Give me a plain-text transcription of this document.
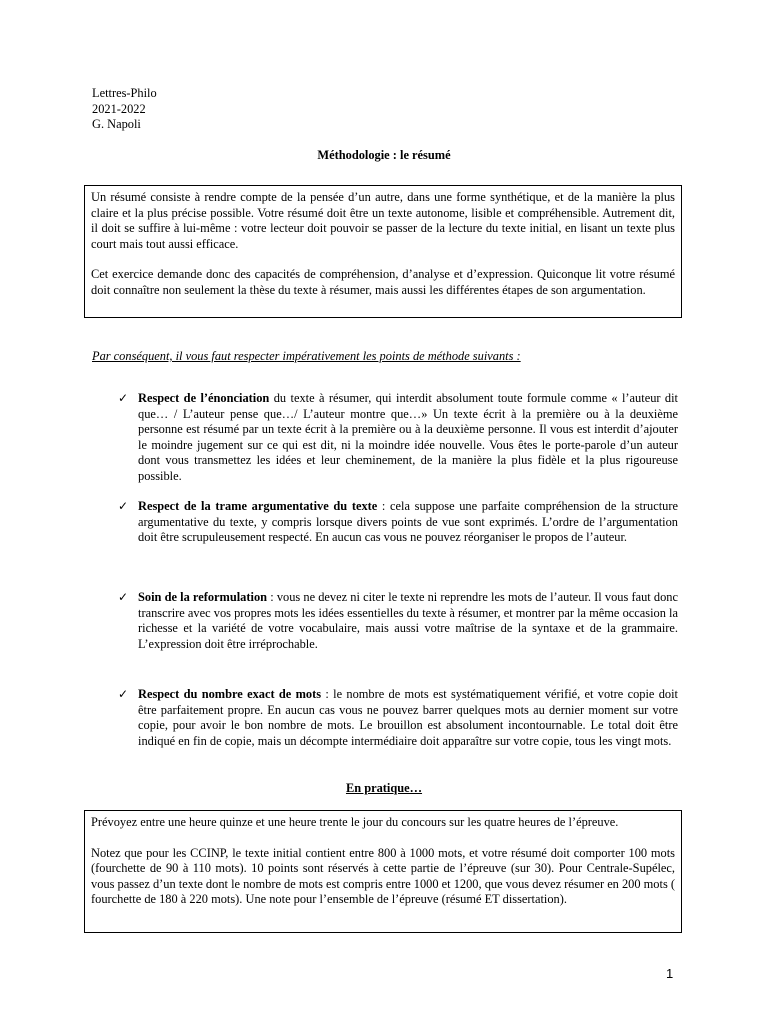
Lettres-Philo
2021-2022
G. Napoli
Méthodologie : le résumé

Un résumé consiste à rendre compte de la pensée d’un autre, dans une forme synthétique, et de la manière la plus claire et la plus précise possible. Votre résumé doit être un texte autonome, lisible et compréhensible. Autrement dit, il doit se suffire à lui-même : votre lecteur doit pouvoir se passer de la lecture du texte initial, en lisant un texte plus court mais tout aussi efficace.

Cet exercice demande donc des capacités de compréhension, d’analyse et d’expression. Quiconque lit votre résumé doit connaître non seulement la thèse du texte à résumer, mais aussi les différentes étapes de son argumentation.

Par conséquent, il vous faut respecter impérativement les points de méthode suivants :
✓ Respect de l’énonciation du texte à résumer, qui interdit absolument toute formule comme « l’auteur dit que… / L’auteur pense que…/ L’auteur montre que…» Un texte écrit à la première ou à la deuxième personne est résumé par un texte écrit à la première ou à la deuxième personne. Il vous est interdit d’ajouter le moindre jugement sur ce qui est dit, ni la moindre idée nouvelle. Vous êtes le porte-parole d’un auteur dont vous transmettez les idées et leur cheminement, de la manière la plus fidèle et la plus rigoureuse possible.
✓ Respect de la trame argumentative du texte : cela suppose une parfaite compréhension de la structure argumentative du texte, y compris lorsque divers points de vue sont exprimés. L’ordre de l’argumentation doit être scrupuleusement respecté. En aucun cas vous ne pouvez réorganiser le propos de l’auteur.
✓ Soin de la reformulation : vous ne devez ni citer le texte ni reprendre les mots de l’auteur. Il vous faut donc transcrire avec vos propres mots les idées essentielles du texte à résumer, et montrer par la même occasion la richesse et la variété de votre vocabulaire, mais aussi votre maîtrise de la syntaxe et de la grammaire. L’expression doit être irréprochable.
✓ Respect du nombre exact de mots : le nombre de mots est systématiquement vérifié, et votre copie doit être parfaitement propre. En aucun cas vous ne pouvez barrer quelques mots au dernier moment sur votre copie, pour avoir le bon nombre de mots. Le brouillon est absolument incontournable. Le total doit être indiqué en fin de copie, mais un décompte intermédiaire doit apparaître sur votre copie, tous les vingt mots.
En pratique…

Prévoyez entre une heure quinze et une heure trente le jour du concours sur les quatre heures de l’épreuve.

Notez que pour les CCINP, le texte initial contient entre 800 à 1000 mots, et votre résumé doit comporter 100 mots (fourchette de 90 à 110 mots). 10 points sont réservés à cette partie de l’épreuve (sur 30). Pour Centrale-Supélec, vous passez d’un texte dont le nombre de mots est compris entre 1000 et 1200, que vous devez résumer en 200 mots ( fourchette de 180 à 220 mots). Une note pour l’ensemble de l’épreuve (résumé ET dissertation).

1
